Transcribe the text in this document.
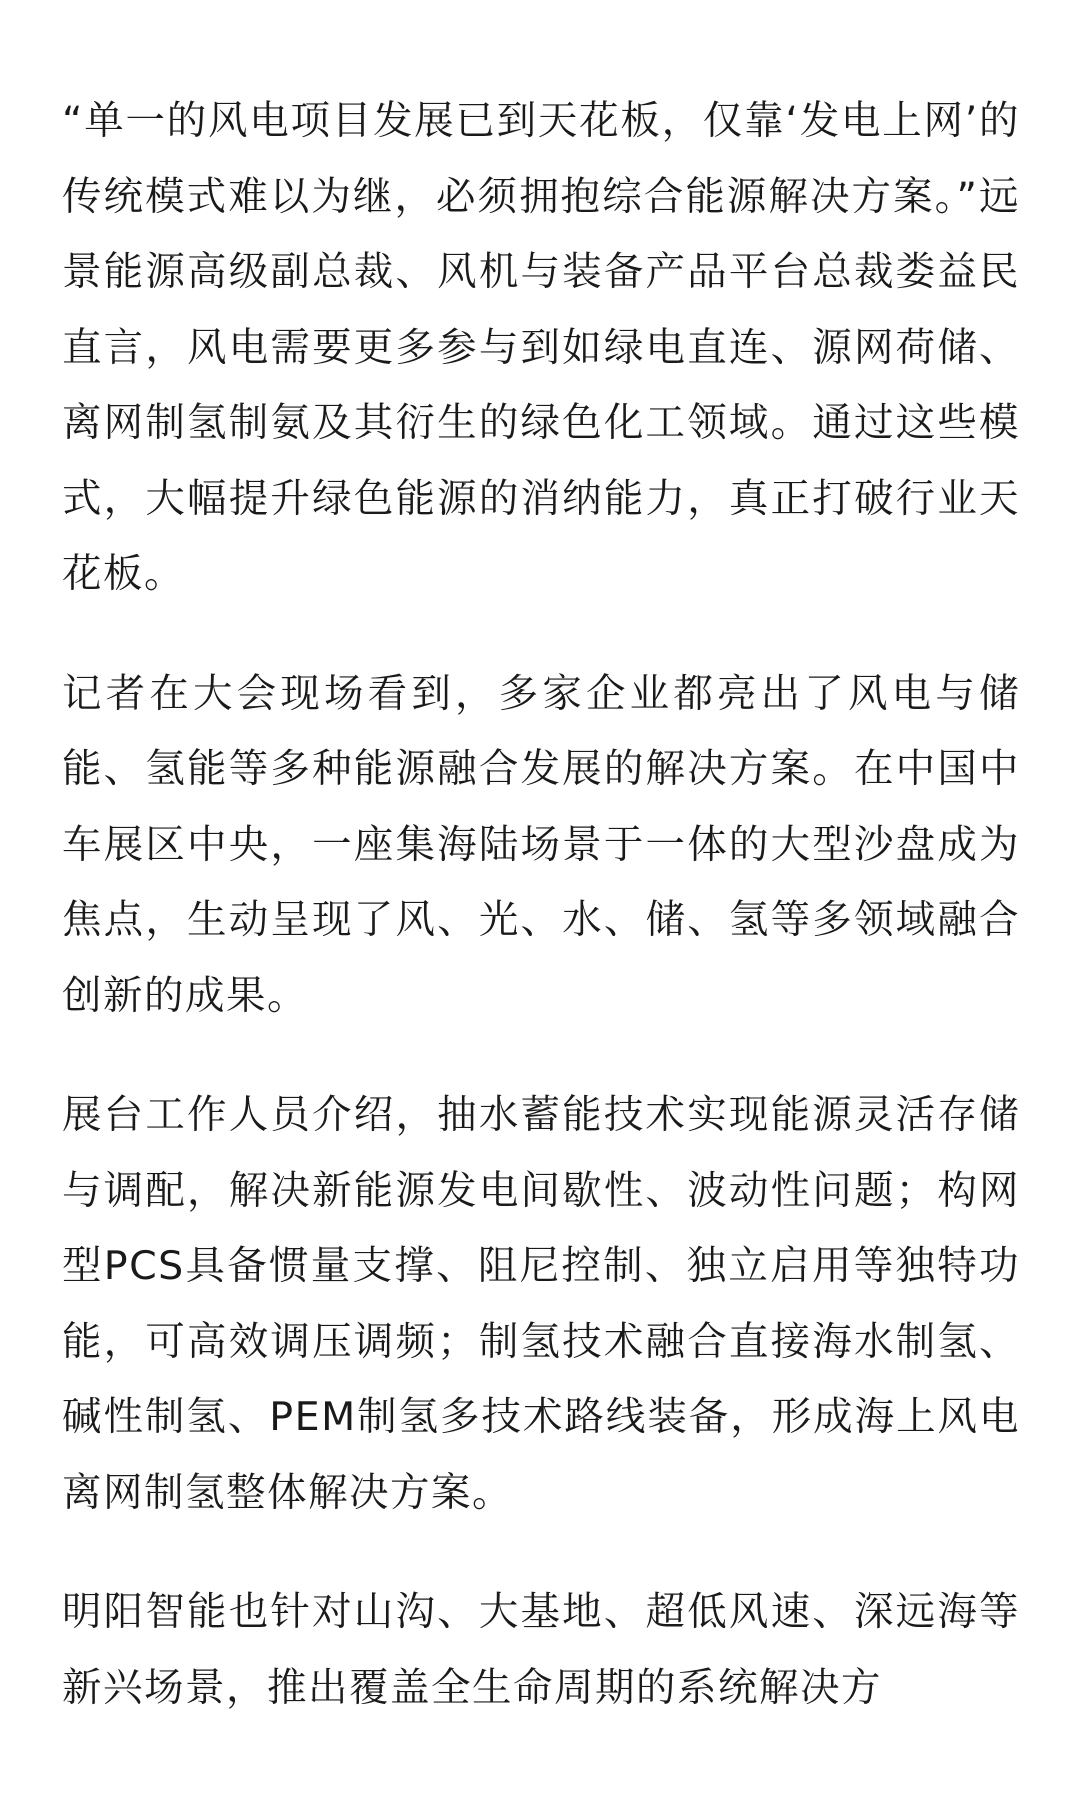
“单一的风电项目发展已到天花板，仅靠‘发电上网’的传统模式难以为继，必须拥抱综合能源解决方案。”远景能源高级副总裁、风机与装备产品平台总裁娄益民直言，风电需要更多参与到如绿电直连、源网荷储、离网制氢制氨及其衍生的绿色化工领域。通过这些模式，大幅提升绿色能源的消纳能力，真正打破行业天花板。

记者在大会现场看到，多家企业都亮出了风电与储能、氢能等多种能源融合发展的解决方案。在中国中车展区中央，一座集海陆场景于一体的大型沙盘成为焦点，生动呈现了风、光、水、储、氢等多领域融合创新的成果。

展台工作人员介绍，抽水蓄能技术实现能源灵活存储与调配，解决新能源发电间歇性、波动性问题；构网型PCS具备惯量支撑、阻尼控制、独立启用等独特功能，可高效调压调频；制氢技术融合直接海水制氢、碱性制氢、PEM制氢多技术路线装备，形成海上风电离网制氢整体解决方案。

明阳智能也针对山沟、大基地、超低风速、深远海等新兴场景，推出覆盖全生命周期的系统解决方
